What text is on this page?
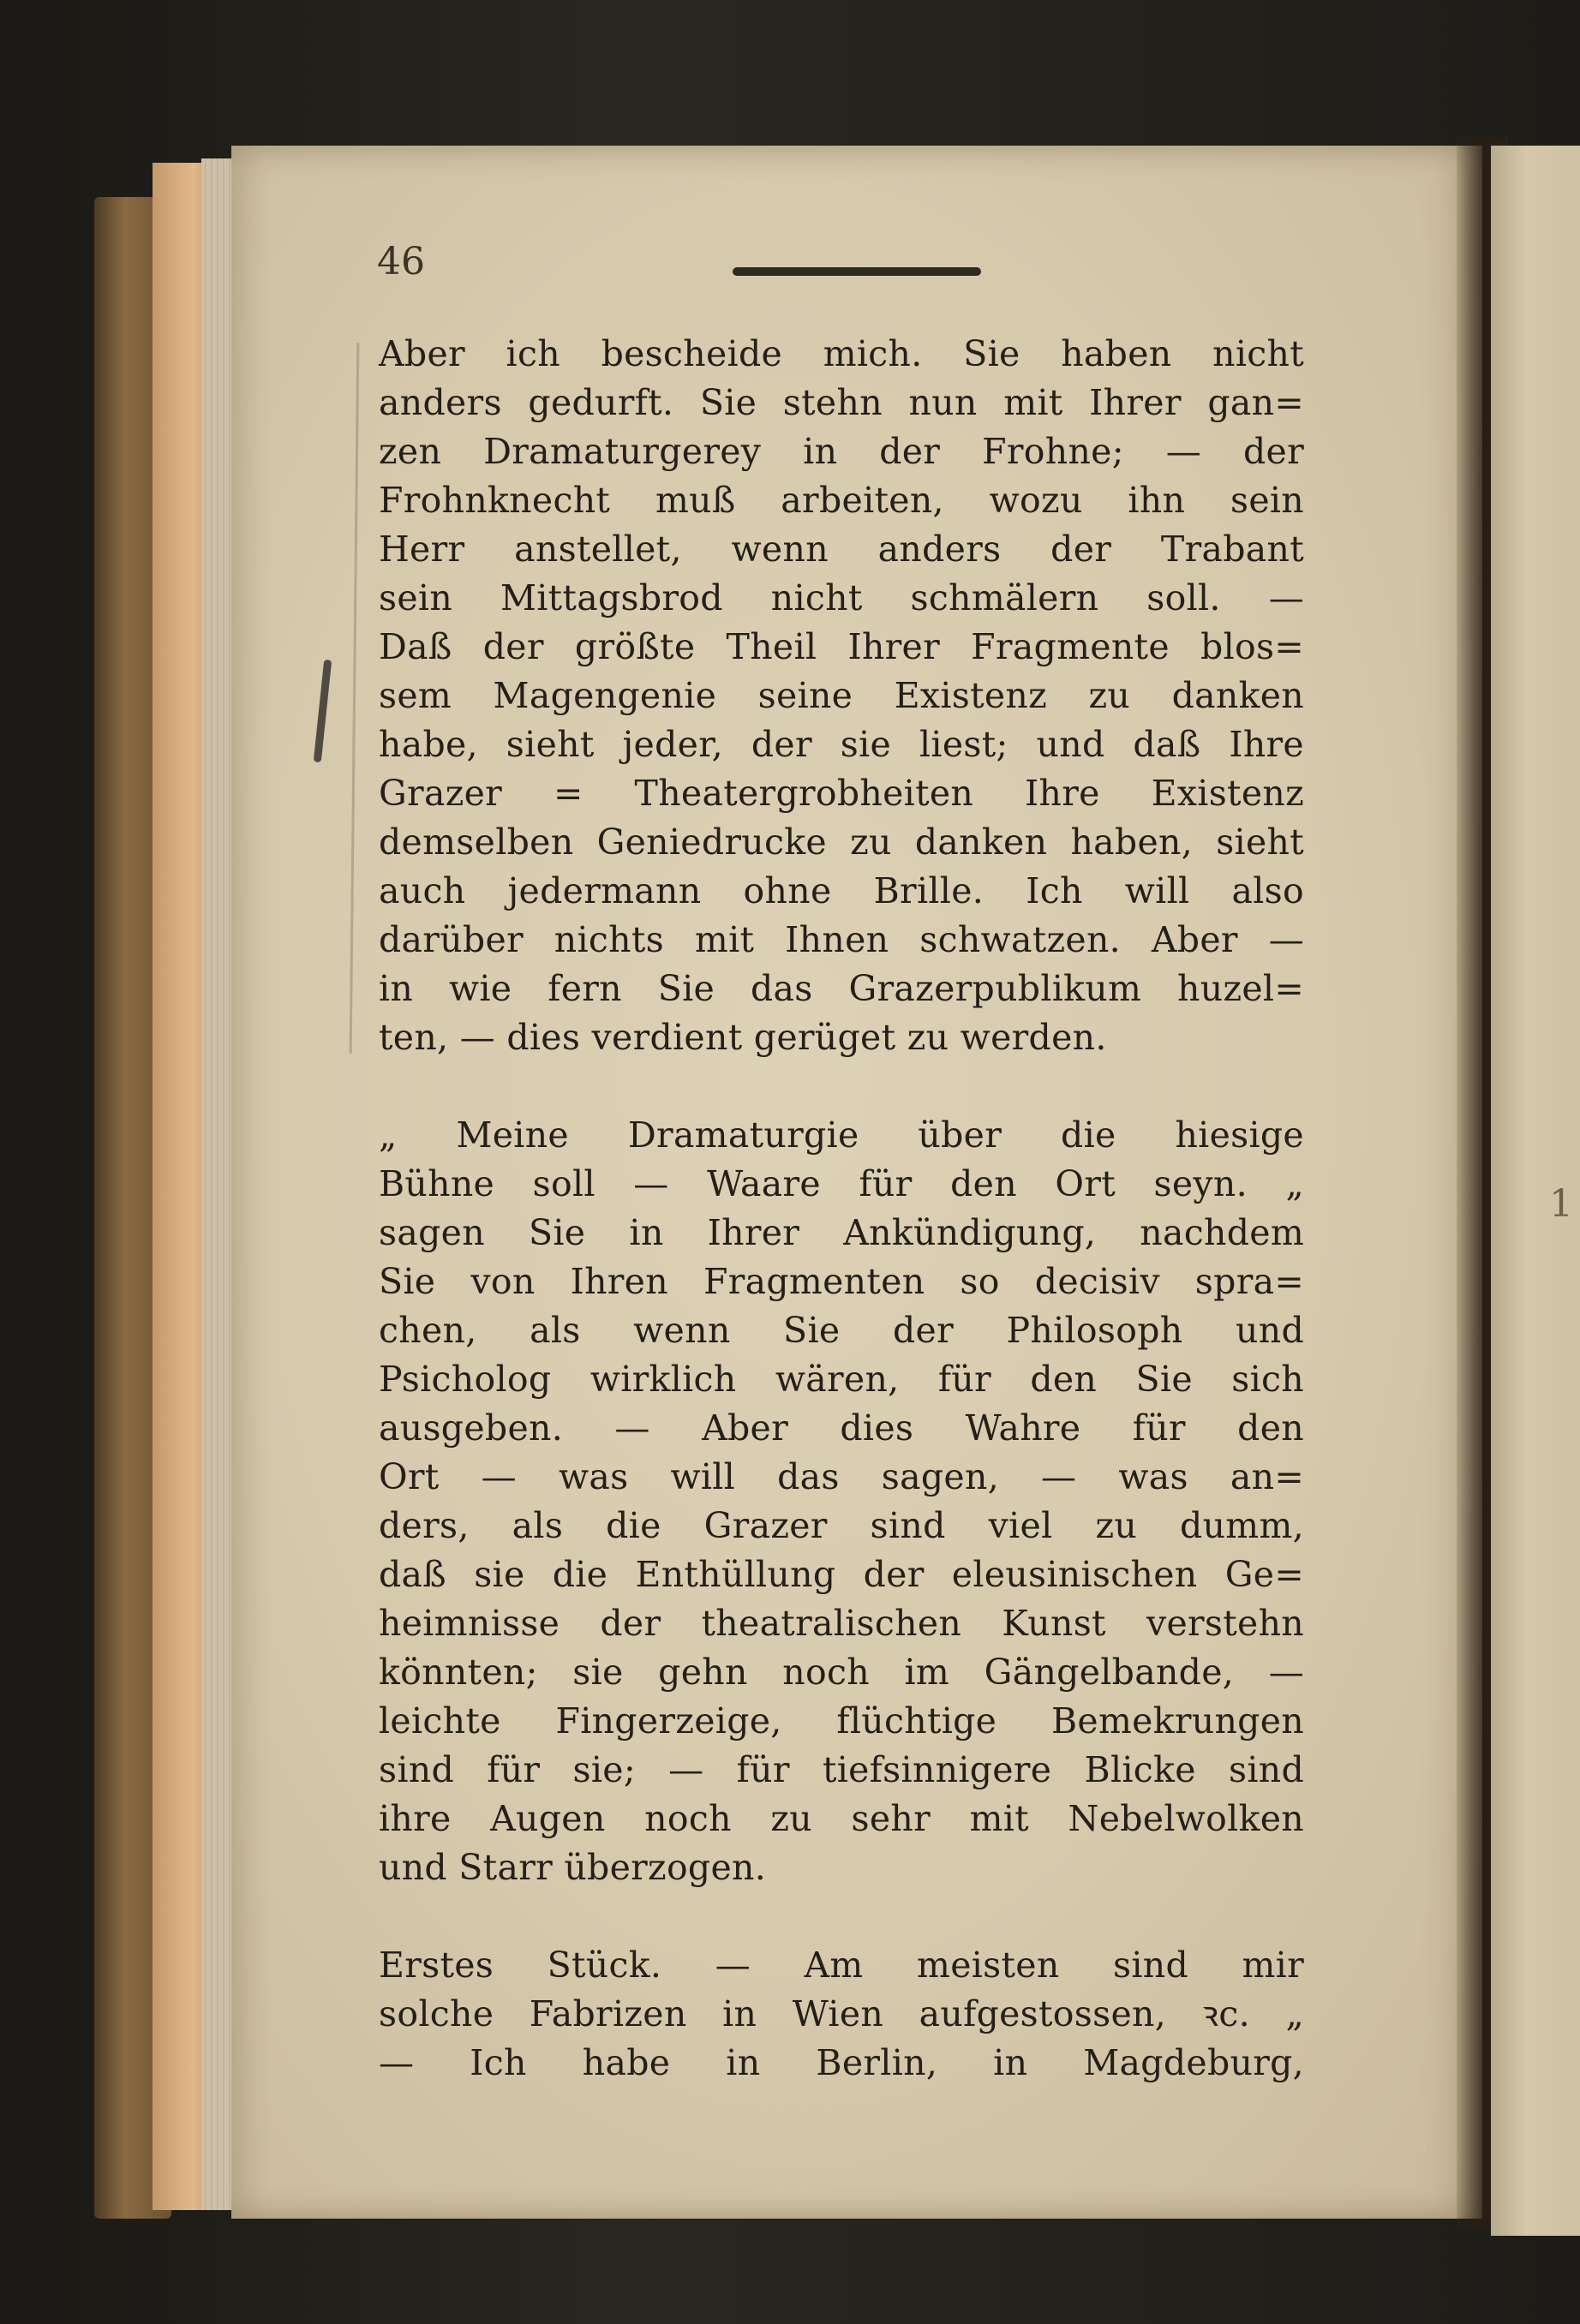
1
46
Aber ich bescheide mich. Sie haben nicht
anders gedurft. Sie stehn nun mit Ihrer gan=
zen Dramaturgerey in der Frohne; — der
Frohnknecht muß arbeiten, wozu ihn sein
Herr anstellet, wenn anders der Trabant
sein Mittagsbrod nicht schmälern soll. —
Daß der größte Theil Ihrer Fragmente blos=
sem Magengenie seine Existenz zu danken
habe, sieht jeder, der sie liest; und daß Ihre
Grazer = Theatergrobheiten Ihre Existenz
demselben Geniedrucke zu danken haben, sieht
auch jedermann ohne Brille. Ich will also
darüber nichts mit Ihnen schwatzen. Aber —
in wie fern Sie das Grazerpublikum huzel=
ten, — dies verdient gerüget zu werden.
„ Meine Dramaturgie über die hiesige
Bühne soll — Waare für den Ort seyn. „
sagen Sie in Ihrer Ankündigung, nachdem
Sie von Ihren Fragmenten so decisiv spra=
chen, als wenn Sie der Philosoph und
Psicholog wirklich wären, für den Sie sich
ausgeben. — Aber dies Wahre für den
Ort — was will das sagen, — was an=
ders, als die Grazer sind viel zu dumm,
daß sie die Enthüllung der eleusinischen Ge=
heimnisse der theatralischen Kunst verstehn
könnten; sie gehn noch im Gängelbande, —
leichte Fingerzeige, flüchtige Bemekrungen
sind für sie; — für tiefsinnigere Blicke sind
ihre Augen noch zu sehr mit Nebelwolken
und Starr überzogen.
Erstes Stück. — Am meisten sind mir
solche Fabrizen in Wien aufgestossen, ꝛc. „
— Ich habe in Berlin, in Magdeburg,
